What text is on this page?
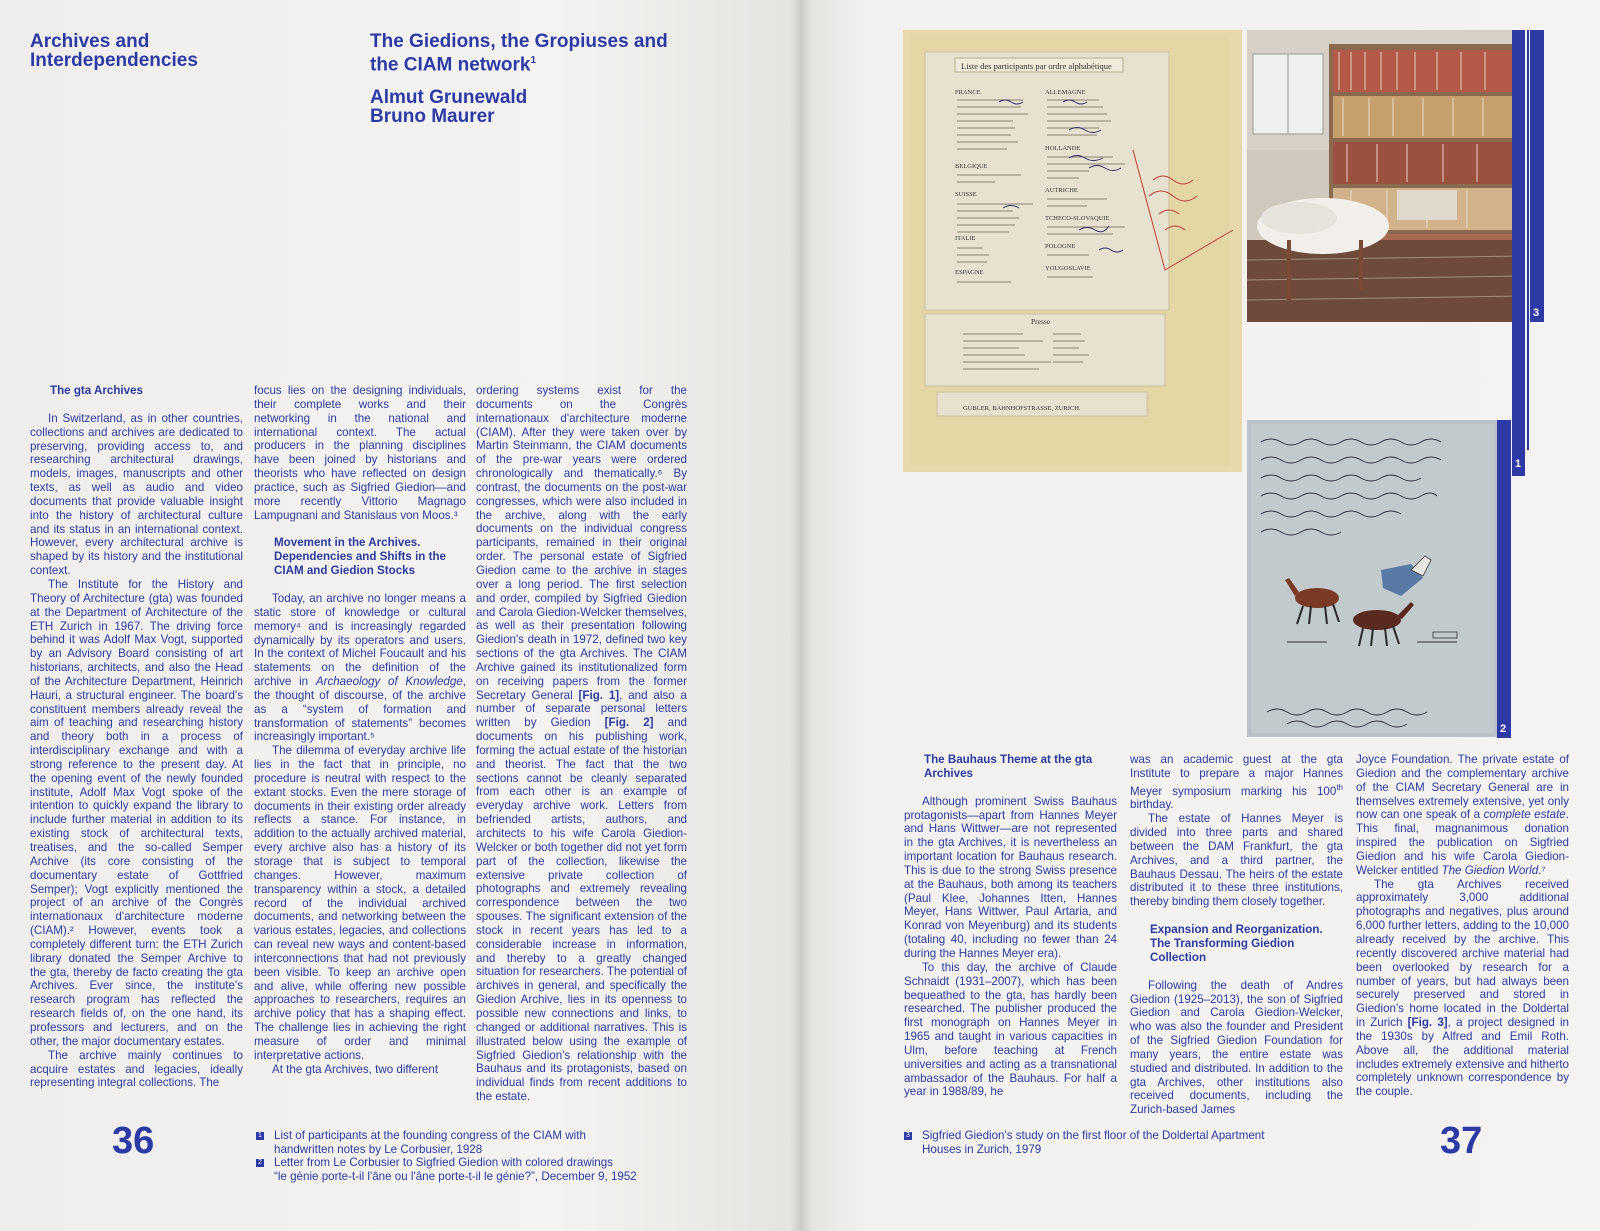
Archives and
Interdependencies
The Giedions, the Gropiuses and
the CIAM network$^1$
Almut Grunewald
Bruno Maurer
The gta Archives

In Switzerland, as in other countries, collections and archives are dedicated to preserving, providing access to, and researching architectural drawings, models, images, manuscripts and other texts, as well as audio and video documents that provide valuable insight into the history of architectural culture and its status in an international context. However, every architectural archive is shaped by its history and the institutional context.

The Institute for the History and Theory of Architecture (gta) was founded at the Department of Architecture of the ETH Zurich in 1967. The driving force behind it was Adolf Max Vogt, supported by an Advisory Board consisting of art historians, architects, and also the Head of the Architecture Department, Heinrich Hauri, a structural engineer. The board's constituent members already reveal the aim of teaching and researching history and theory both in a process of interdisciplinary exchange and with a strong reference to the present day. At the opening event of the newly founded institute, Adolf Max Vogt spoke of the intention to quickly expand the library to include further material in addition to its existing stock of architectural texts, treatises, and the so-called Semper Archive (its core consisting of the documentary estate of Gottfried Semper); Vogt explicitly mentioned the project of an archive of the Congrès internationaux d'architecture moderne (CIAM).² However, events took a completely different turn: the ETH Zurich library donated the Semper Archive to the gta, thereby de facto creating the gta Archives. Ever since, the institute's research program has reflected the research fields of, on the one hand, its professors and lecturers, and on the other, the major documentary estates.

The archive mainly continues to acquire estates and legacies, ideally representing integral collections. The

focus lies on the designing individuals, their complete works and their networking in the national and international context. The actual producers in the planning disciplines have been joined by historians and theorists who have reflected on design practice, such as Sigfried Giedion—and more recently Vittorio Magnago Lampugnani and Stanislaus von Moos.³

Movement in the Archives. Dependencies and Shifts in the CIAM and Giedion Stocks

Today, an archive no longer means a static store of knowledge or cultural memory⁴ and is increasingly regarded dynamically by its operators and users. In the context of Michel Foucault and his statements on the definition of the archive in Archaeology of Knowledge, the thought of discourse, of the archive as a “system of formation and transformation of statements” becomes increasingly important.⁵

The dilemma of everyday archive life lies in the fact that in principle, no procedure is neutral with respect to the extant stocks. Even the mere storage of documents in their existing order already reflects a stance. For instance, in addition to the actually archived material, every archive also has a history of its storage that is subject to temporal changes. However, maximum transparency within a stock, a detailed record of the individual archived documents, and networking between the various estates, legacies, and collections can reveal new ways and content-based interconnections that had not previously been visible. To keep an archive open and alive, while offering new possible approaches to researchers, requires an archive policy that has a shaping effect. The challenge lies in achieving the right measure of order and minimal interpretative actions.

At the gta Archives, two different

ordering systems exist for the documents on the Congrès internationaux d'architecture moderne (CIAM). After they were taken over by Martin Steinmann, the CIAM documents of the pre-war years were ordered chronologically and thematically.⁶ By contrast, the documents on the post-war congresses, which were also included in the archive, along with the early documents on the individual congress participants, remained in their original order. The personal estate of Sigfried Giedion came to the archive in stages over a long period. The first selection and order, compiled by Sigfried Giedion and Carola Giedion-Welcker themselves, as well as their presentation following Giedion's death in 1972, defined two key sections of the gta Archives. The CIAM Archive gained its institutionalized form on receiving papers from the former Secretary General [Fig. 1], and also a number of separate personal letters written by Giedion [Fig. 2] and documents on his publishing work, forming the actual estate of the historian and theorist. The fact that the two sections cannot be cleanly separated from each other is an example of everyday archive work. Letters from befriended artists, authors, and architects to his wife Carola Giedion-Welcker or both together did not yet form part of the collection, likewise the extensive private collection of photographs and extremely revealing correspondence between the two spouses. The significant extension of the stock in recent years has led to a considerable increase in information, and thereby to a greatly changed situation for researchers. The potential of archives in general, and specifically the Giedion Archive, lies in its openness to possible new connections and links, to changed or additional narratives. This is illustrated below using the example of Sigfried Giedion's relationship with the Bauhaus and its protagonists, based on individual finds from recent additions to the estate.

36	1 List of participants at the founding congress of the CIAM with
handwritten notes by Le Corbusier, 1928
2 Letter from Le Corbusier to Sigfried Giedion with colored drawings
“le génie porte-t-il l'âne ou l'âne porte-t-il le génie?”, December 9, 1952
Liste des participants par ordre alphabétique
FRANCE
BELGIQUE
SUISSE
ITALIE
ESPAGNE
ALLEMAGNE
HOLLANDE
AUTRICHE
TCHECO-SLOVAQUIE
POLOGNE
YOUGOSLAVIE
Presse
GUBLER, BAHNHOFSTRASSE, ZURICH.
1
2
3
The Bauhaus Theme at the gta Archives

Although prominent Swiss Bauhaus protagonists—apart from Hannes Meyer and Hans Wittwer—are not represented in the gta Archives, it is nevertheless an important location for Bauhaus research. This is due to the strong Swiss presence at the Bauhaus, both among its teachers (Paul Klee, Johannes Itten, Hannes Meyer, Hans Wittwer, Paul Artaria, and Konrad von Meyenburg) and its students (totaling 40, including no fewer than 24 during the Hannes Meyer era).

To this day, the archive of Claude Schnaidt (1931–2007), which has been bequeathed to the gta, has hardly been researched. The publisher produced the first monograph on Hannes Meyer in 1965 and taught in various capacities in Ulm, before teaching at French universities and acting as a transnational ambassador of the Bauhaus. For half a year in 1988/89, he

was an academic guest at the gta Institute to prepare a major Hannes Meyer symposium marking his 100th birthday.

The estate of Hannes Meyer is divided into three parts and shared between the DAM Frankfurt, the gta Archives, and a third partner, the Bauhaus Dessau. The heirs of the estate distributed it to these three institutions, thereby binding them closely together.

Expansion and Reorganization. The Transforming Giedion Collection

Following the death of Andres Giedion (1925–2013), the son of Sigfried Giedion and Carola Giedion-Welcker, who was also the founder and President of the Sigfried Giedion Foundation for many years, the entire estate was studied and distributed. In addition to the gta Archives, other institutions also received documents, including the Zurich-based James

Joyce Foundation. The private estate of Giedion and the complementary archive of the CIAM Secretary General are in themselves extremely extensive, yet only now can one speak of a complete estate. This final, magnanimous donation inspired the publication on Sigfried Giedion and his wife Carola Giedion-Welcker entitled The Giedion World.⁷

The gta Archives received approximately 3,000 additional photographs and negatives, plus around 6,000 further letters, adding to the 10,000 already received by the archive. This recently discovered archive material had been overlooked by research for a number of years, but had always been securely preserved and stored in Giedion's home located in the Doldertal in Zurich [Fig. 3], a project designed in the 1930s by Alfred and Emil Roth. Above all, the additional material includes extremely extensive and hitherto completely unknown correspondence by the couple.

3 Sigfried Giedion's study on the first floor of the Doldertal Apartment
Houses in Zurich, 1979	37
